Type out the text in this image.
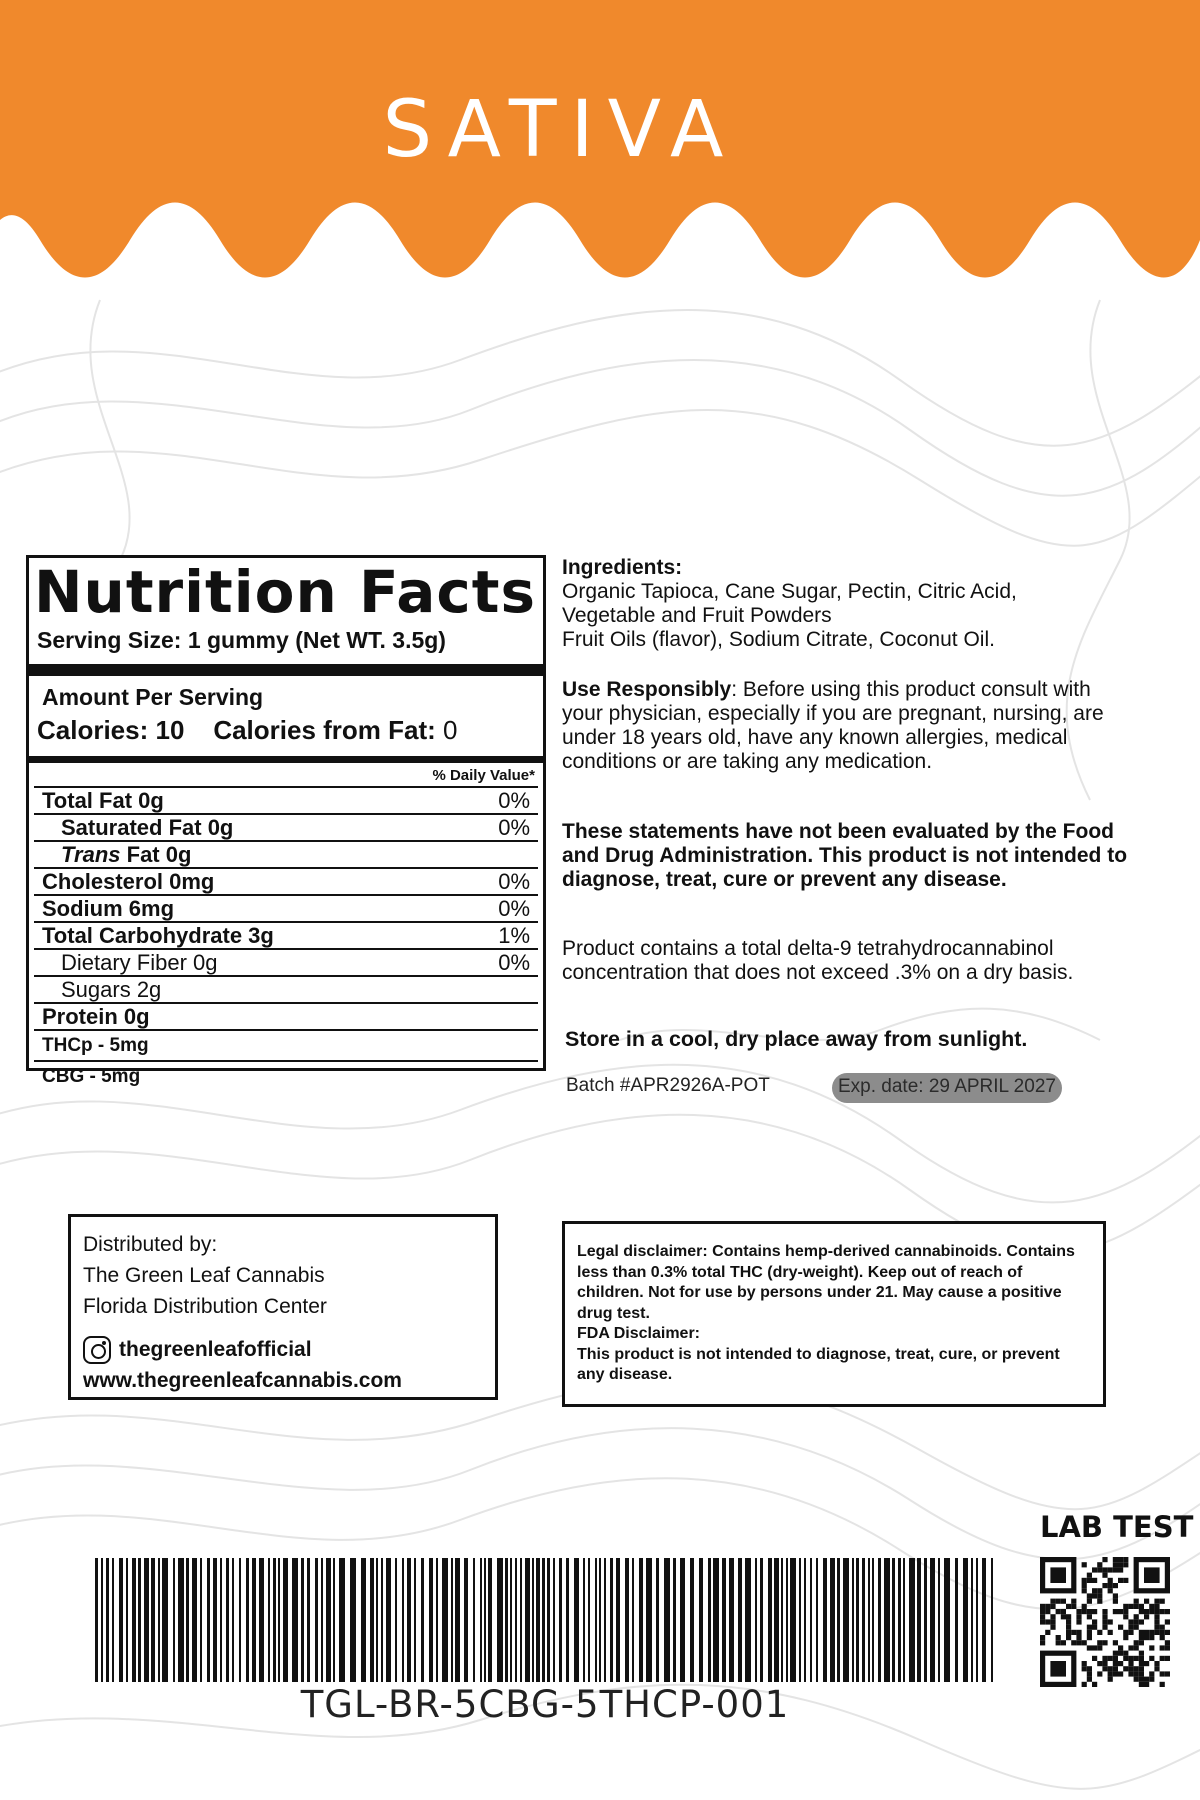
SATIVA
Nutrition Facts
Serving Size: 1 gummy (Net WT. 3.5g)
Amount Per Serving
Calories: 10 Calories from Fat: 0
% Daily Value*
Total Fat 0g	0%
Saturated Fat 0g	0%
Trans Fat 0g
Cholesterol 0mg	0%
Sodium 6mg	0%
Total Carbohydrate 3g	1%
Dietary Fiber 0g	0%
Sugars 2g
Protein 0g
THCp - 5mg
CBG - 5mg
Ingredients:
Organic Tapioca, Cane Sugar, Pectin, Citric Acid,
Vegetable and Fruit Powders
Fruit Oils (flavor), Sodium Citrate, Coconut Oil.
Use Responsibly: Before using this product consult with your physician, especially if you are pregnant, nursing, are under 18 years old, have any known allergies, medical conditions or are taking any medication.
These statements have not been evaluated by the Food and Drug Administration. This product is not intended to diagnose, treat, cure or prevent any disease.
Product contains a total delta-9 tetrahydrocannabinol concentration that does not exceed .3% on a dry basis.
Store in a cool, dry place away from sunlight.
Batch #APR2926A-POT	Exp. date: 29 APRIL 2027
Distributed by:
The Green Leaf Cannabis
Florida Distribution Center
thegreenleafofficial
www.thegreenleafcannabis.com
Legal disclaimer: Contains hemp-derived cannabinoids. Contains less than 0.3% total THC (dry-weight). Keep out of reach of children. Not for use by persons under 21. May cause a positive drug test.
FDA Disclaimer:
This product is not intended to diagnose, treat, cure, or prevent any disease.
LAB TEST
TGL-BR-5CBG-5THCP-001
